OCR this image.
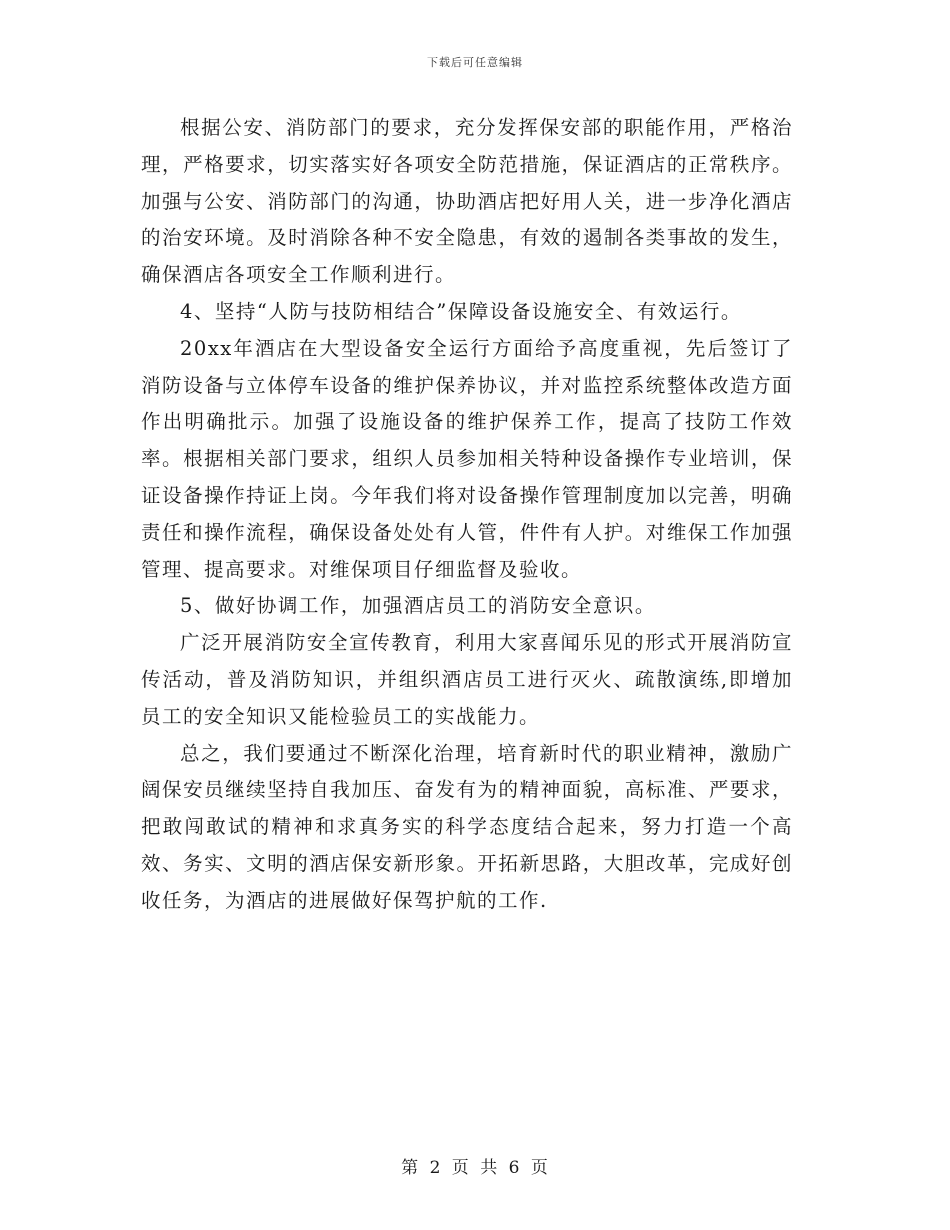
下载后可任意编辑

根据公安、消防部门的要求，充分发挥保安部的职能作用，严格治理，严格要求，切实落实好各项安全防范措施，保证酒店的正常秩序。加强与公安、消防部门的沟通，协助酒店把好用人关，进一步净化酒店的治安环境。及时消除各种不安全隐患，有效的遏制各类事故的发生，确保酒店各项安全工作顺利进行。

4、坚持“人防与技防相结合”保障设备设施安全、有效运行。

20xx年酒店在大型设备安全运行方面给予高度重视，先后签订了消防设备与立体停车设备的维护保养协议，并对监控系统整体改造方面作出明确批示。加强了设施设备的维护保养工作，提高了技防工作效率。根据相关部门要求，组织人员参加相关特种设备操作专业培训，保证设备操作持证上岗。今年我们将对设备操作管理制度加以完善，明确责任和操作流程，确保设备处处有人管，件件有人护。对维保工作加强管理、提高要求。对维保项目仔细监督及验收。

5、做好协调工作，加强酒店员工的消防安全意识。

广泛开展消防安全宣传教育，利用大家喜闻乐见的形式开展消防宣传活动，普及消防知识，并组织酒店员工进行灭火、疏散演练,即增加员工的安全知识又能检验员工的实战能力。

总之，我们要通过不断深化治理，培育新时代的职业精神，激励广阔保安员继续坚持自我加压、奋发有为的精神面貌，高标准、严要求，把敢闯敢试的精神和求真务实的科学态度结合起来，努力打造一个高效、务实、文明的酒店保安新形象。开拓新思路，大胆改革，完成好创收任务，为酒店的进展做好保驾护航的工作.

第 2 页 共 6 页
